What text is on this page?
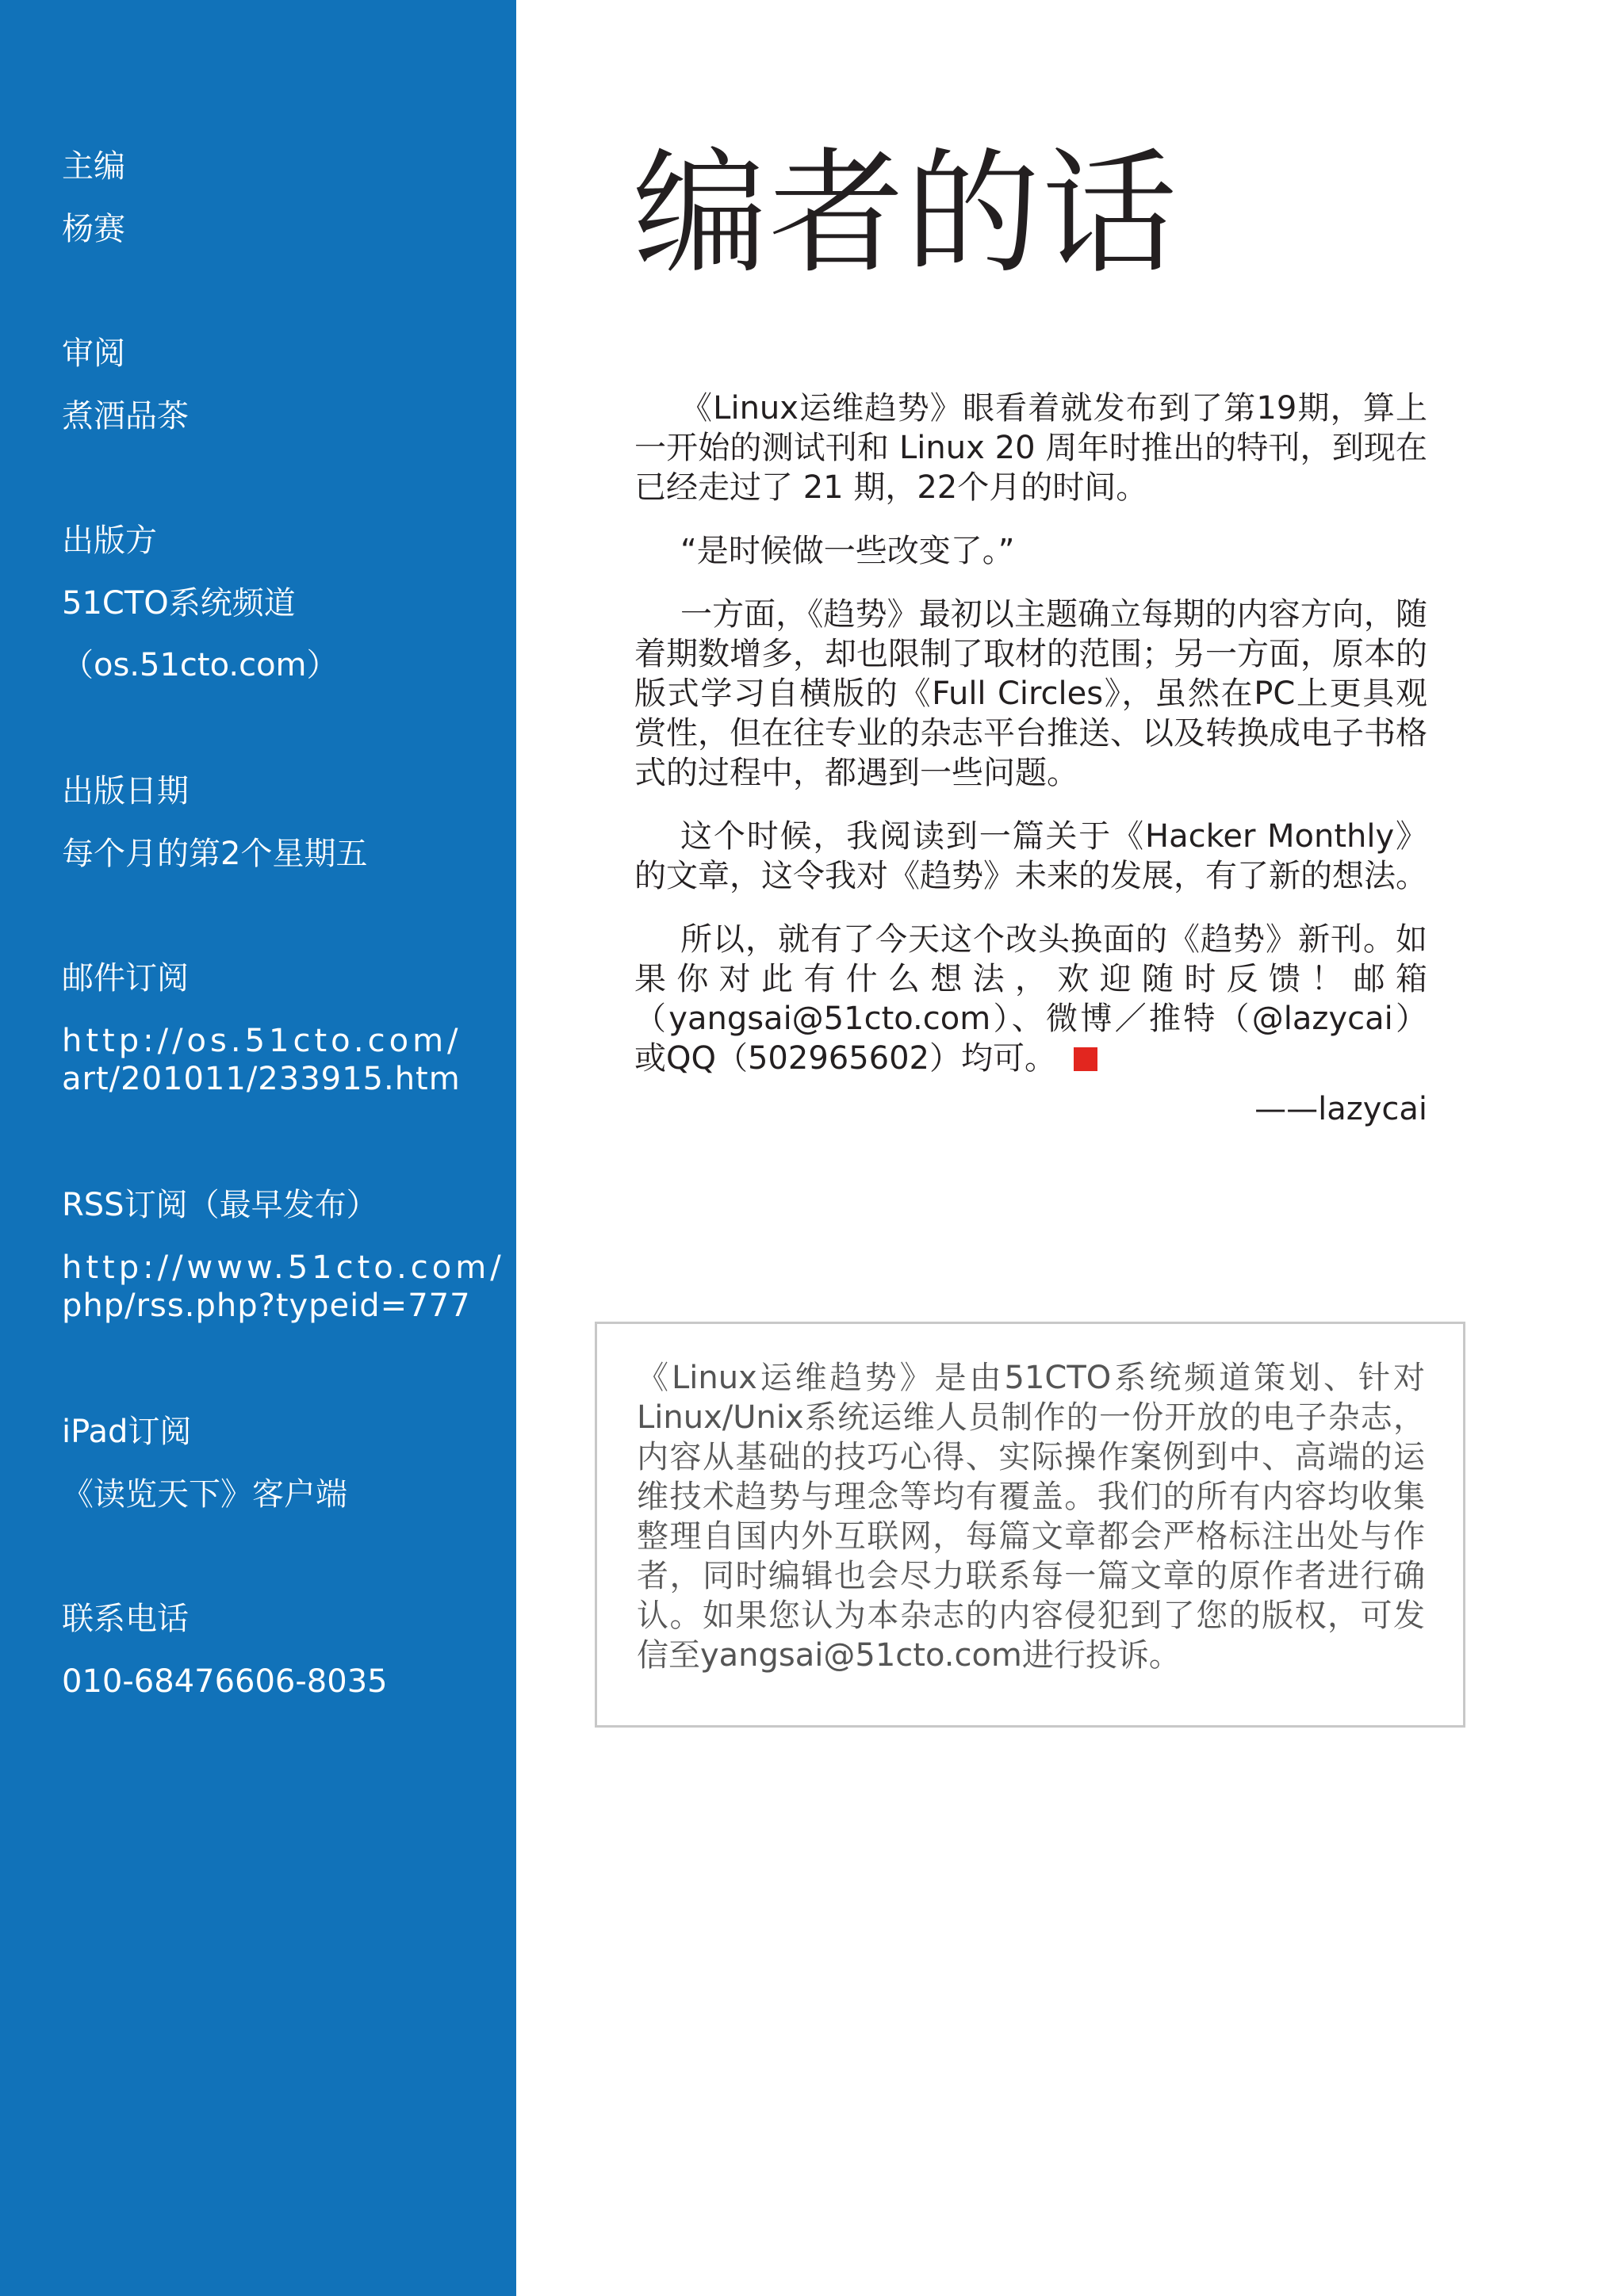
主编
杨赛
审阅
煮酒品茶
出版方
51CTO系统频道
（os.51cto.com）
出版日期
每个月的第2个星期五
邮件订阅
http://os.51cto.com/
art/201011/233915.htm
RSS订阅（最早发布）
http://www.51cto.com/
php/rss.php?typeid=777
iPad订阅
《读览天下》客户端
联系电话
010-68476606-8035
编者的话

《Linux运维趋势》眼看着就发布到了第19期，算上一开始的测试刊和 Linux 20 周年时推出的特刊，到现在已经走过了 21 期，22个月的时间。

“是时候做一些改变了。”

一方面，《趋势》最初以主题确立每期的内容方向，随着期数增多，却也限制了取材的范围；另一方面，原本的版式学习自横版的《Full Circles》，虽然在PC上更具观赏性，但在往专业的杂志平台推送、以及转换成电子书格式的过程中，都遇到一些问题。

这个时候，我阅读到一篇关于《Hacker Monthly》的文章，这令我对《趋势》未来的发展，有了新的想法。

所以，就有了今天这个改头换面的《趋势》新刊。如果你对此有什么想法，欢迎随时反馈！邮箱（yangsai@51cto.com）、微博／推特（@lazycai）或QQ（502965602）均可。

——lazycai
《Linux运维趋势》是由51CTO系统频道策划、针对Linux/Unix系统运维人员制作的一份开放的电子杂志，内容从基础的技巧心得、实际操作案例到中、高端的运维技术趋势与理念等均有覆盖。我们的所有内容均收集整理自国内外互联网，每篇文章都会严格标注出处与作者，同时编辑也会尽力联系每一篇文章的原作者进行确认。如果您认为本杂志的内容侵犯到了您的版权，可发信至yangsai@51cto.com进行投诉。
